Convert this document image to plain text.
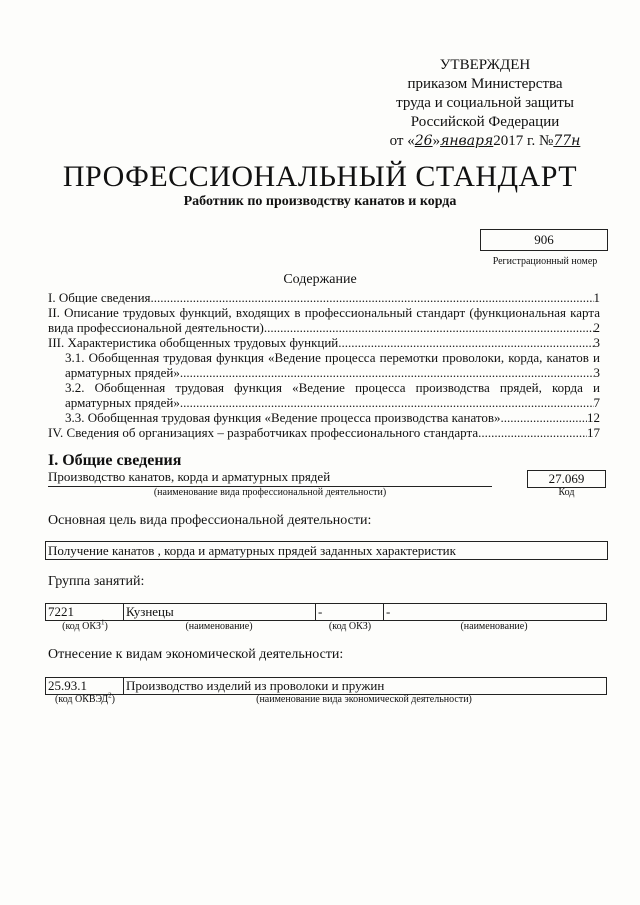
УТВЕРЖДЕН
приказом Министерства
труда и социальной защиты
Российской Федерации
от «26»января2017 г. №77н
ПРОФЕССИОНАЛЬНЫЙ СТАНДАРТ
Работник по производству канатов и корда
906
Регистрационный номер
Содержание
I. Общие сведения .....	1
II. Описание трудовых функций, входящих в профессиональный стандарт (функциональная карта
вида профессиональной деятельности) .....	2
III. Характеристика обобщенных трудовых функций .....	3
3.1. Обобщенная трудовая функция «Ведение процесса перемотки проволоки, корда, канатов и
арматурных прядей» .....	3
3.2. Обобщенная трудовая функция «Ведение процесса производства прядей, корда и
арматурных прядей» .....	7
3.3. Обобщенная трудовая функция «Ведение процесса производства канатов» .....	12
IV. Сведения об организациях – разработчиках профессионального стандарта .....	17
I. Общие сведения
Производство канатов, корда и арматурных прядей
(наименование вида профессиональной деятельности)
27.069
Код
Основная цель вида профессиональной деятельности:
Получение канатов , корда и арматурных прядей заданных характеристик
Группа занятий:
7221	Кузнецы	-	-
(код ОКЗ$^1$)	(наименование)	(код ОКЗ)	(наименование)
Отнесение к видам экономической деятельности:
25.93.1	Производство изделий из проволоки и пружин
(код ОКВЭД$^2$)	(наименование вида экономической деятельности)
